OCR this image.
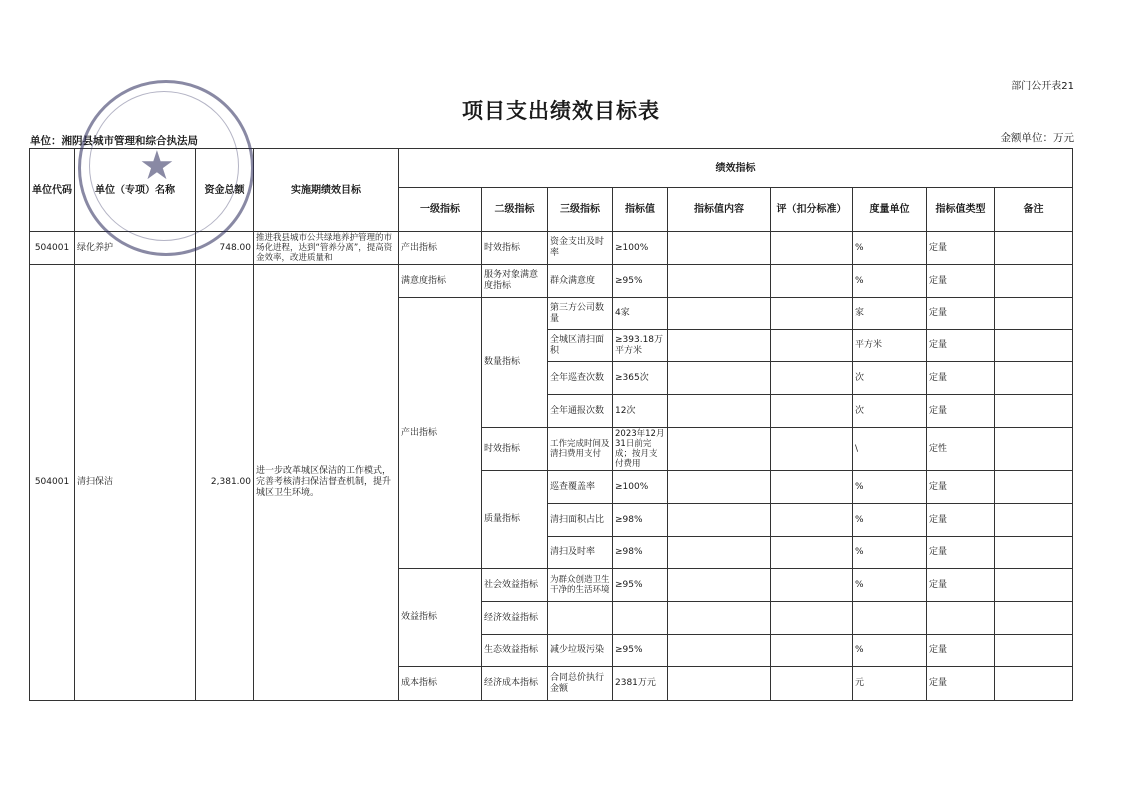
部门公开表21
项目支出绩效目标表
单位：湘阴县城市管理和综合执法局	金额单位：万元
单位代码	单位（专项）名称	资金总额	实施期绩效目标	绩效指标								
				一级指标	二级指标	三级指标	指标值	指标值内容	评（扣分标准）	度量单位	指标值类型	备注
504001	绿化养护	748.00	推进我县城市公共绿地养护管理的市场化进程，达到“管养分离”，提高资金效率，改进质量和	产出指标	时效指标	资金支出及时率	≥100%			%	定量	
504001	清扫保洁	2,381.00	进一步改革城区保洁的工作模式，完善考核清扫保洁督查机制，提升城区卫生环境。	满意度指标	服务对象满意度指标	群众满意度	≥95%			%	定量	
				产出指标	数量指标	第三方公司数量	4家			家	定量	
						全城区清扫面积	≥393.18万平方米			平方米	定量	
						全年巡查次数	≥365次			次	定量	
						全年通报次数	12次			次	定量	
					时效指标	工作完成时间及清扫费用支付	2023年12月31日前完成；按月支付费用			\	定性	
					质量指标	巡查覆盖率	≥100%			%	定量	
						清扫面积占比	≥98%			%	定量	
						清扫及时率	≥98%			%	定量	
				效益指标	社会效益指标	为群众创造卫生干净的生活环境	≥95%			%	定量	
					经济效益指标							
					生态效益指标	减少垃圾污染	≥95%			%	定量	
				成本指标	经济成本指标	合同总价执行金额	2381万元			元	定量	
★
